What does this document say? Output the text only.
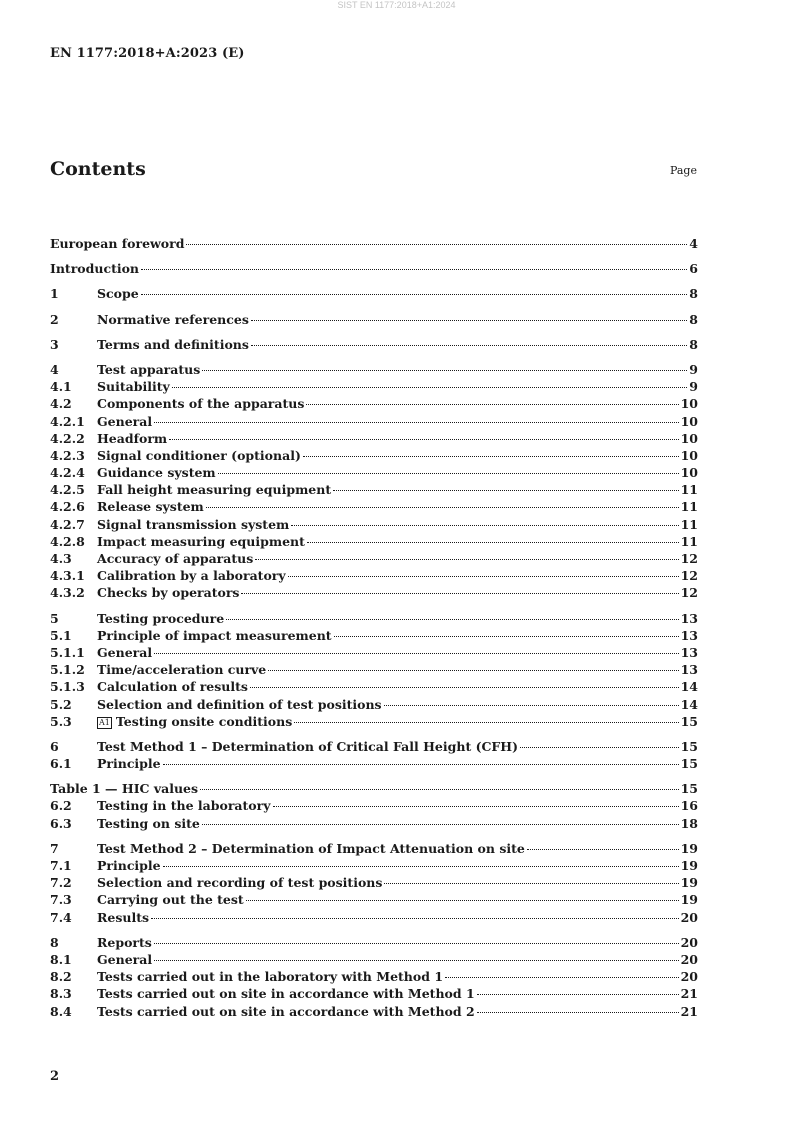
SIST EN 1177:2018+A1:2024
EN 1177:2018+A:2023 (E)
Contents	Page
European foreword	4
Introduction	6
1	Scope	8
2	Normative references	8
3	Terms and definitions	8
4	Test apparatus	9
4.1	Suitability	9
4.2	Components of the apparatus	10
4.2.1 General	10
4.2.2 Headform	10
4.2.3 Signal conditioner (optional)	10
4.2.4 Guidance system	10
4.2.5 Fall height measuring equipment	11
4.2.6 Release system	11
4.2.7 Signal transmission system	11
4.2.8 Impact measuring equipment	11
4.3	Accuracy of apparatus	12
4.3.1 Calibration by a laboratory	12
4.3.2 Checks by operators	12
5	Testing procedure	13
5.1	Principle of impact measurement	13
5.1.1 General	13
5.1.2 Time/acceleration curve	13
5.1.3 Calculation of results	14
5.2	Selection and definition of test positions	14
5.3	A1 Testing onsite conditions	15
6	Test Method 1 – Determination of Critical Fall Height (CFH)	15
6.1	Principle	15
Table 1 — HIC values	15
6.2	Testing in the laboratory	16
6.3	Testing on site	18
7	Test Method 2 – Determination of Impact Attenuation on site	19
7.1	Principle	19
7.2	Selection and recording of test positions	19
7.3	Carrying out the test	19
7.4	Results	20
8	Reports	20
8.1	General	20
8.2	Tests carried out in the laboratory with Method 1	20
8.3	Tests carried out on site in accordance with Method 1	21
8.4	Tests carried out on site in accordance with Method 2	21
2
